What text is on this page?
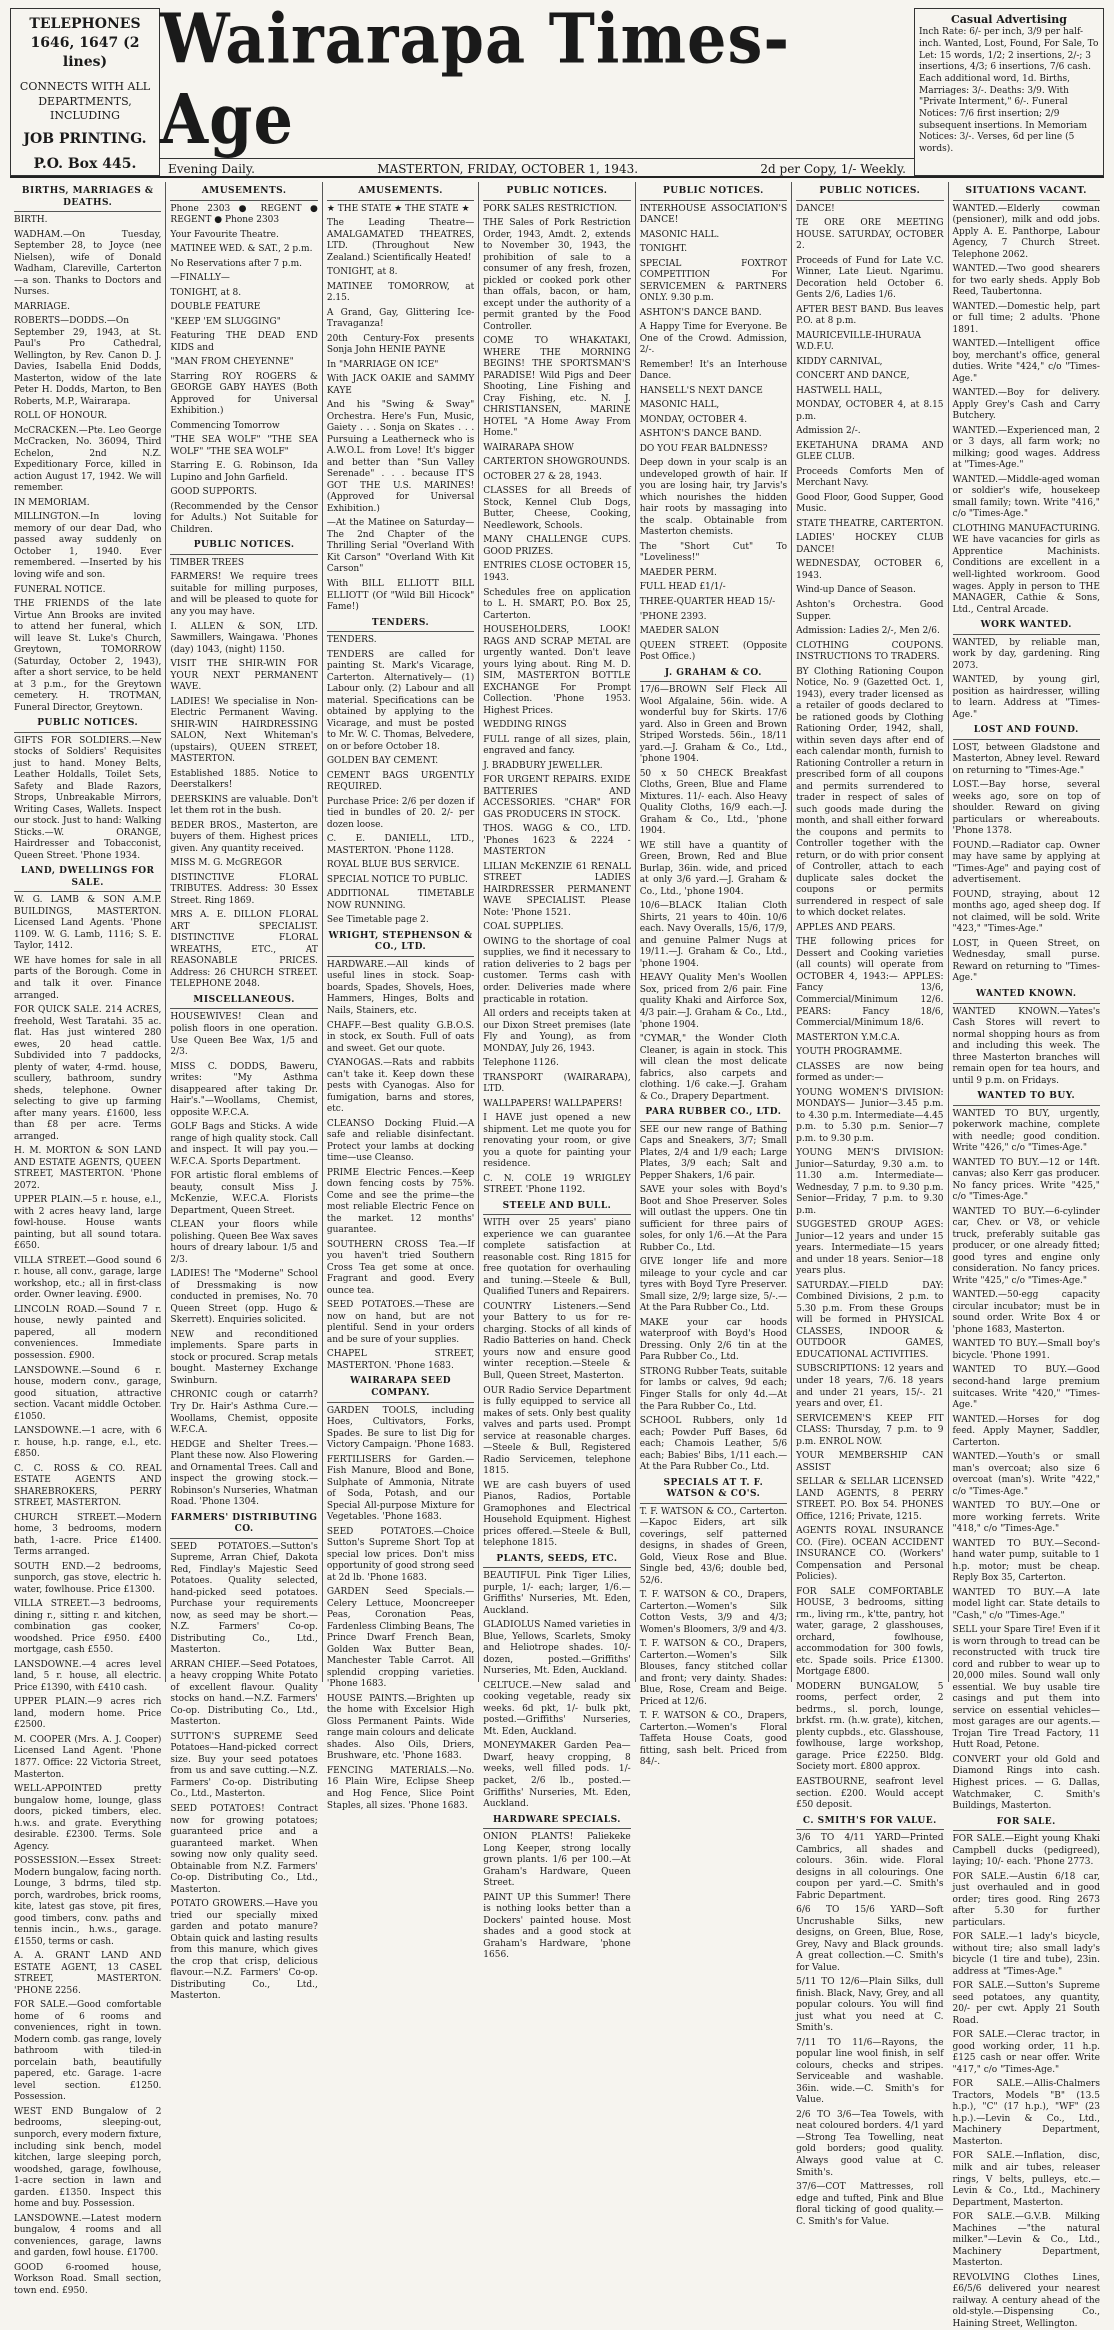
TELEPHONES
1646, 1647 (2 lines)
CONNECTS WITH ALL DEPARTMENTS, INCLUDING
JOB PRINTING.
P.O. Box 445.
Wairarapa Times-Age
Evening Daily.	MASTERTON, FRIDAY, OCTOBER 1, 1943.	2d per Copy, 1/- Weekly.
Casual Advertising
Inch Rate: 6/- per inch, 3/9 per half-inch. Wanted, Lost, Found, For Sale, To Let: 15 words, 1/2; 2 insertions, 2/-; 3 insertions, 4/3; 6 insertions, 7/6 cash. Each additional word, 1d. Births, Marriages: 3/-. Deaths: 3/9. With "Private Interment," 6/-. Funeral Notices: 7/6 first insertion; 2/9 subsequent insertions. In Memoriam Notices: 3/-. Verses, 6d per line (5 words).
BIRTHS, MARRIAGES & DEATHS.

BIRTH.

WADHAM.—On Tuesday, September 28, to Joyce (nee Nielsen), wife of Donald Wadham, Clareville, Carterton—a son. Thanks to Doctors and Nurses.

MARRIAGE.

ROBERTS—DODDS.—On September 29, 1943, at St. Paul's Pro Cathedral, Wellington, by Rev. Canon D. J. Davies, Isabella Enid Dodds, Masterton, widow of the late Peter H. Dodds, Marton, to Ben Roberts, M.P., Wairarapa.

ROLL OF HONOUR.

McCRACKEN.—Pte. Leo George McCracken, No. 36094, Third Echelon, 2nd N.Z. Expeditionary Force, killed in action August 17, 1942. We will remember.

IN MEMORIAM.

MILLINGTON.—In loving memory of our dear Dad, who passed away suddenly on October 1, 1940. Ever remembered. —Inserted by his loving wife and son.

FUNERAL NOTICE.

THE FRIENDS of the late Virtue Ann Brooks are invited to attend her funeral, which will leave St. Luke's Church, Greytown, TOMORROW (Saturday, October 2, 1943), after a short service, to be held at 3 p.m., for the Greytown cemetery. H. TROTMAN, Funeral Director, Greytown.

PUBLIC NOTICES.

GIFTS FOR SOLDIERS.—New stocks of Soldiers' Requisites just to hand. Money Belts, Leather Holdalls, Toilet Sets, Safety and Blade Razors, Strops, Unbreakable Mirrors, Writing Cases, Wallets. Inspect our stock. Just to hand: Walking Sticks.—W. ORANGE, Hairdresser and Tobacconist, Queen Street. 'Phone 1934.

LAND, DWELLINGS FOR SALE.

W. G. LAMB & SON A.M.P. BUILDINGS, MASTERTON. Licensed Land Agents. 'Phone 1109. W. G. Lamb, 1116; S. E. Taylor, 1412.

WE have homes for sale in all parts of the Borough. Come in and talk it over. Finance arranged.

FOR QUICK SALE. 214 ACRES, freehold, West Taratahi. 35 ac. flat. Has just wintered 280 ewes, 20 head cattle. Subdivided into 7 paddocks, plenty of water, 4-rmd. house, scullery, bathroom, sundry sheds, telephone. Owner selecting to give up farming after many years. £1600, less than £8 per acre. Terms arranged.

H. M. MORTON & SON LAND AND ESTATE AGENTS, QUEEN STREET, MASTERTON. 'Phone 2072.

UPPER PLAIN.—5 r. house, e.l., with 2 acres heavy land, large fowl-house. House wants painting, but all sound totara. £650.

VILLA STREET.—Good sound 6 r. house, all conv., garage, large workshop, etc.; all in first-class order. Owner leaving. £900.

LINCOLN ROAD.—Sound 7 r. house, newly painted and papered, all modern conveniences. Immediate possession. £900.

LANSDOWNE.—Sound 6 r. house, modern conv., garage, good situation, attractive section. Vacant middle October. £1050.

LANSDOWNE.—1 acre, with 6 r. house, h.p. range, e.l., etc. £850.

C. C. ROSS & CO. REAL ESTATE AGENTS AND SHAREBROKERS, PERRY STREET, MASTERTON.

CHURCH STREET.—Modern home, 3 bedrooms, modern bath, 1-acre. Price £1400. Terms arranged.

SOUTH END.—2 bedrooms, sunporch, gas stove, electric h. water, fowlhouse. Price £1300.

VILLA STREET.—3 bedrooms, dining r., sitting r. and kitchen, combination gas cooker, woodshed. Price £950. £400 mortgage, cash £550.

LANSDOWNE.—4 acres level land, 5 r. house, all electric. Price £1390, with £410 cash.

UPPER PLAIN.—9 acres rich land, modern home. Price £2500.

M. COOPER (Mrs. A. J. Cooper) Licensed Land Agent. 'Phone 1877. Office: 22 Victoria Street, Masterton.

WELL-APPOINTED pretty bungalow home, lounge, glass doors, picked timbers, elec. h.w.s. and grate. Everything desirable. £2300. Terms. Sole Agency.

POSSESSION.—Essex Street: Modern bungalow, facing north. Lounge, 3 bdrms, tiled stp. porch, wardrobes, brick rooms, kite, latest gas stove, pit fires, good timbers, conv. paths and tennis incin., h.w.s., garage. £1550, terms or cash.

A. A. GRANT LAND AND ESTATE AGENT, 13 CASEL STREET, MASTERTON. 'PHONE 2256.

FOR SALE.—Good comfortable home of 6 rooms and conveniences, right in town. Modern comb. gas range, lovely bathroom with tiled-in porcelain bath, beautifully papered, etc. Garage. 1-acre level section. £1250. Possession.

WEST END Bungalow of 2 bedrooms, sleeping-out, sunporch, every modern fixture, including sink bench, model kitchen, large sleeping porch, woodshed, garage, fowlhouse, 1-acre section in lawn and garden. £1350. Inspect this home and buy. Possession.

LANSDOWNE.—Latest modern bungalow, 4 rooms and all conveniences, garage, lawns and garden, fowl house. £1700.

GOOD 6-roomed house, Workson Road. Small section, town end. £950.

AMUSEMENTS.

Phone 2303 ● REGENT ● REGENT ● Phone 2303

Your Favourite Theatre.

MATINEE WED. & SAT., 2 p.m.

No Reservations after 7 p.m.

—FINALLY—

TONIGHT, at 8.

DOUBLE FEATURE

"KEEP 'EM SLUGGING"

Featuring THE DEAD END KIDS and

"MAN FROM CHEYENNE"

Starring ROY ROGERS & GEORGE GABY HAYES (Both Approved for Universal Exhibition.)

Commencing Tomorrow

"THE SEA WOLF" "THE SEA WOLF" "THE SEA WOLF"

Starring E. G. Robinson, Ida Lupino and John Garfield.

GOOD SUPPORTS.

(Recommended by the Censor for Adults.) Not Suitable for Children.

PUBLIC NOTICES.

TIMBER TREES

FARMERS! We require trees suitable for milling purposes, and will be pleased to quote for any you may have.

I. ALLEN & SON, LTD. Sawmillers, Waingawa. 'Phones (day) 1043, (night) 1150.

VISIT THE SHIR-WIN FOR YOUR NEXT PERMANENT WAVE.

LADIES! We specialise in Non-Electric Permanent Waving. SHIR-WIN HAIRDRESSING SALON, Next Whiteman's (upstairs), QUEEN STREET, MASTERTON.

Established 1885. Notice to Deerstalkers!

DEERSKINS are valuable. Don't let them rot in the bush.

BEDER BROS., Masterton, are buyers of them. Highest prices given. Any quantity received.

MISS M. G. McGREGOR

DISTINCTIVE FLORAL TRIBUTES. Address: 30 Essex Street. Ring 1869.

MRS A. E. DILLON FLORAL ART SPECIALIST. DISTINCTIVE FLORAL WREATHS, ETC., AT REASONABLE PRICES. Address: 26 CHURCH STREET. TELEPHONE 2048.

MISCELLANEOUS.

HOUSEWIVES! Clean and polish floors in one operation. Use Queen Bee Wax, 1/5 and 2/3.

MISS C. DODDS, Baweru, writes: "My Asthma disappeared after taking Dr. Hair's."—Woollams, Chemist, opposite W.F.C.A.

GOLF Bags and Sticks. A wide range of high quality stock. Call and inspect. It will pay you.—W.F.C.A. Sports Department.

FOR artistic floral emblems of beauty, consult Miss J. McKenzie, W.F.C.A. Florists Department, Queen Street.

CLEAN your floors while polishing. Queen Bee Wax saves hours of dreary labour. 1/5 and 2/3.

LADIES! The "Moderne" School of Dressmaking is now conducted in premises, No. 70 Queen Street (opp. Hugo & Skerrett). Enquiries solicited.

NEW and reconditioned implements. Spare parts in stock or procured. Scrap metals bought. Masterney Exchange Swinburn.

CHRONIC cough or catarrh? Try Dr. Hair's Asthma Cure.—Woollams, Chemist, opposite W.F.C.A.

HEDGE and Shelter Trees.—Plant these now. Also Flowering and Ornamental Trees. Call and inspect the growing stock.—Robinson's Nurseries, Whatman Road. 'Phone 1304.

FARMERS' DISTRIBUTING CO.

SEED POTATOES.—Sutton's Supreme, Arran Chief, Dakota Red, Findlay's Majestic Seed Potatoes. Quality selected, hand-picked seed potatoes. Purchase your requirements now, as seed may be short.—N.Z. Farmers' Co-op. Distributing Co., Ltd., Masterton.

ARRAN CHIEF.—Seed Potatoes, a heavy cropping White Potato of excellent flavour. Quality stocks on hand.—N.Z. Farmers' Co-op. Distributing Co., Ltd., Masterton.

SUTTON'S SUPREME Seed Potatoes—Hand-picked correct size. Buy your seed potatoes from us and save cutting.—N.Z. Farmers' Co-op. Distributing Co., Ltd., Masterton.

SEED POTATOES! Contract now for growing potatoes; guaranteed price and a guaranteed market. When sowing now only quality seed. Obtainable from N.Z. Farmers' Co-op. Distributing Co., Ltd., Masterton.

POTATO GROWERS.—Have you tried our specially mixed garden and potato manure? Obtain quick and lasting results from this manure, which gives the crop that crisp, delicious flavour.—N.Z. Farmers' Co-op. Distributing Co., Ltd., Masterton.

AMUSEMENTS.

★ THE STATE ★ THE STATE ★

The Leading Theatre— AMALGAMATED THEATRES, LTD. (Throughout New Zealand.) Scientifically Heated!

TONIGHT, at 8.

MATINEE TOMORROW, at 2.15.

A Grand, Gay, Glittering Ice-Travaganza!

20th Century-Fox presents Sonja John HENIE PAYNE

In "MARRIAGE ON ICE"

With JACK OAKIE and SAMMY KAYE

And his "Swing & Sway" Orchestra. Here's Fun, Music, Gaiety . . . Sonja on Skates . . . Pursuing a Leatherneck who is A.W.O.L. from Love! It's bigger and better than "Sun Valley Serenade" . . . because IT'S GOT THE U.S. MARINES! (Approved for Universal Exhibition.)

—At the Matinee on Saturday— The 2nd Chapter of the Thrilling Serial "Overland With Kit Carson" "Overland With Kit Carson"

With BILL ELLIOTT BILL ELLIOTT (Of "Wild Bill Hicock" Fame!)

TENDERS.

TENDERS.

TENDERS are called for painting St. Mark's Vicarage, Carterton. Alternatively— (1) Labour only. (2) Labour and all material. Specifications can be obtained by applying to the Vicarage, and must be posted to Mr. W. C. Thomas, Belvedere, on or before October 18.

GOLDEN BAY CEMENT.

CEMENT BAGS URGENTLY REQUIRED.

Purchase Price: 2/6 per dozen if tied in bundles of 20. 2/- per dozen loose.

C. E. DANIELL, LTD., MASTERTON. 'Phone 1128.

ROYAL BLUE BUS SERVICE.

SPECIAL NOTICE TO PUBLIC.

ADDITIONAL TIMETABLE NOW RUNNING.

See Timetable page 2.

WRIGHT, STEPHENSON & CO., LTD.

HARDWARE.—All kinds of useful lines in stock. Soap-boards, Spades, Shovels, Hoes, Hammers, Hinges, Bolts and Nails, Stainers, etc.

CHAFF.—Best quality G.B.O.S. in stock, ex South. Full of oats and sweet. Get our quote.

CYANOGAS.—Rats and rabbits can't take it. Keep down these pests with Cyanogas. Also for fumigation, barns and stores, etc.

CLEANSO Docking Fluid.—A safe and reliable disinfectant. Protect your lambs at docking time—use Cleanso.

PRIME Electric Fences.—Keep down fencing costs by 75%. Come and see the prime—the most reliable Electric Fence on the market. 12 months' guarantee.

SOUTHERN CROSS Tea.—If you haven't tried Southern Cross Tea get some at once. Fragrant and good. Every ounce tea.

SEED POTATOES.—These are now on hand, but are not plentiful. Send in your orders and be sure of your supplies.

CHAPEL STREET, MASTERTON. 'Phone 1683.

WAIRARAPA SEED COMPANY.

GARDEN TOOLS, including Hoes, Cultivators, Forks, Spades. Be sure to list Dig for Victory Campaign. 'Phone 1683.

FERTILISERS for Garden.—Fish Manure, Blood and Bone, Sulphate of Ammonia, Nitrate of Soda, Potash, and our Special All-purpose Mixture for Vegetables. 'Phone 1683.

SEED POTATOES.—Choice Sutton's Supreme Short Top at special low prices. Don't miss opportunity of good strong seed at 2d lb. 'Phone 1683.

GARDEN Seed Specials.—Celery Lettuce, Mooncreeper Peas, Coronation Peas, Fardenless Climbing Beans, The Prince Dwarf French Bean, Golden Wax Butter Bean, Manchester Table Carrot. All splendid cropping varieties. 'Phone 1683.

HOUSE PAINTS.—Brighten up the home with Excelsior High Gloss Permanent Paints. Wide range main colours and delicate shades. Also Oils, Driers, Brushware, etc. 'Phone 1683.

FENCING MATERIALS.—No. 16 Plain Wire, Eclipse Sheep and Hog Fence, Slice Point Staples, all sizes. 'Phone 1683.

PUBLIC NOTICES.

PORK SALES RESTRICTION.

THE Sales of Pork Restriction Order, 1943, Amdt. 2, extends to November 30, 1943, the prohibition of sale to a consumer of any fresh, frozen, pickled or cooked pork other than offals, bacon, or ham, except under the authority of a permit granted by the Food Controller.

COME TO WHAKATAKI, WHERE THE MORNING BEGINS! THE SPORTSMAN'S PARADISE! Wild Pigs and Deer Shooting, Line Fishing and Cray Fishing, etc. N. J. CHRISTIANSEN, MARINE HOTEL "A Home Away From Home."

WAIRARAPA SHOW

CARTERTON SHOWGROUNDS.

OCTOBER 27 & 28, 1943.

CLASSES for all Breeds of Stock, Kennel Club Dogs, Butter, Cheese, Cooking, Needlework, Schools.

MANY CHALLENGE CUPS. GOOD PRIZES.

ENTRIES CLOSE OCTOBER 15, 1943.

Schedules free on application to L. H. SMART, P.O. Box 25, Carterton.

HOUSEHOLDERS, LOOK! RAGS AND SCRAP METAL are urgently wanted. Don't leave yours lying about. Ring M. D. SIM, MASTERTON BOTTLE EXCHANGE For Prompt Collection. 'Phone 1953. Highest Prices.

WEDDING RINGS

FULL range of all sizes, plain, engraved and fancy.

J. BRADBURY JEWELLER.

FOR URGENT REPAIRS. EXIDE BATTERIES AND ACCESSORIES. "CHAR" FOR GAS PRODUCERS IN STOCK.

THOS. WAGG & CO., LTD. 'Phones 1623 & 2224 - MASTERTON

LILIAN McKENZIE 61 RENALL STREET LADIES HAIRDRESSER PERMANENT WAVE SPECIALIST. Please Note: 'Phone 1521.

COAL SUPPLIES.

OWING to the shortage of coal supplies, we find it necessary to ration deliveries to 2 bags per customer. Terms cash with order. Deliveries made where practicable in rotation.

All orders and receipts taken at our Dixon Street premises (late Fly and Young), as from MONDAY, July 26, 1943.

Telephone 1126.

TRANSPORT (WAIRARAPA), LTD.

WALLPAPERS! WALLPAPERS!

I HAVE just opened a new shipment. Let me quote you for renovating your room, or give you a quote for painting your residence.

C. N. COLE 19 WRIGLEY STREET. 'Phone 1192.

STEELE AND BULL.

WITH over 25 years' piano experience we can guarantee complete satisfaction at reasonable cost. Ring 1815 for free quotation for overhauling and tuning.—Steele & Bull, Qualified Tuners and Repairers.

COUNTRY Listeners.—Send your Battery to us for re-charging. Stocks of all kinds of Radio Batteries on hand. Check yours now and ensure good winter reception.—Steele & Bull, Queen Street, Masterton.

OUR Radio Service Department is fully equipped to service all makes of sets. Only best quality valves and parts used. Prompt service at reasonable charges.—Steele & Bull, Registered Radio Servicemen, telephone 1815.

WE are cash buyers of used Pianos, Radios, Portable Gramophones and Electrical Household Equipment. Highest prices offered.—Steele & Bull, telephone 1815.

PLANTS, SEEDS, ETC.

BEAUTIFUL Pink Tiger Lilies, purple, 1/- each; larger, 1/6.—Griffiths' Nurseries, Mt. Eden, Auckland.

GLADIOLUS Named varieties in Blue, Yellows, Scarlets, Smoky and Heliotrope shades. 10/- dozen, posted.—Griffiths' Nurseries, Mt. Eden, Auckland.

CELTUCE.—New salad and cooking vegetable, ready six weeks. 6d pkt, 1/- bulk pkt, posted.—Griffiths' Nurseries, Mt. Eden, Auckland.

MONEYMAKER Garden Pea—Dwarf, heavy cropping, 8 weeks, well filled pods. 1/- packet, 2/6 lb., posted.—Griffiths' Nurseries, Mt. Eden, Auckland.

HARDWARE SPECIALS.

ONION PLANTS! Paliekeke Long Keeper, strong locally grown plants. 1/6 per 100.—At Graham's Hardware, Queen Street.

PAINT UP this Summer! There is nothing looks better than a Dockers' painted house. Most shades and a good stock at Graham's Hardware, 'phone 1656.

PUBLIC NOTICES.

INTERHOUSE ASSOCIATION'S DANCE!

MASONIC HALL.

TONIGHT.

SPECIAL FOXTROT COMPETITION For SERVICEMEN & PARTNERS ONLY. 9.30 p.m.

ASHTON'S DANCE BAND.

A Happy Time for Everyone. Be One of the Crowd. Admission, 2/-.

Remember! It's an Interhouse Dance.

HANSELL'S NEXT DANCE

MASONIC HALL,

MONDAY, OCTOBER 4.

ASHTON'S DANCE BAND.

DO YOU FEAR BALDNESS?

Deep down in your scalp is an undeveloped growth of hair. If you are losing hair, try Jarvis's which nourishes the hidden hair roots by massaging into the scalp. Obtainable from Masterton chemists.

The "Short Cut" To "Loveliness!"

MAEDER PERM.

FULL HEAD £1/1/-

THREE-QUARTER HEAD 15/-

'PHONE 2393.

MAEDER SALON

QUEEN STREET. (Opposite Post Office.)

J. GRAHAM & CO.

17/6—BROWN Self Fleck All Wool Afgalaine, 56in. wide. A wonderful buy for Skirts. 17/6 yard. Also in Green and Brown Striped Worsteds. 56in., 18/11 yard.—J. Graham & Co., Ltd., 'phone 1904.

50 x 50 CHECK Breakfast Cloths, Green, Blue and Flame Mixtures. 11/- each. Also Heavy Quality Cloths, 16/9 each.—J. Graham & Co., Ltd., 'phone 1904.

WE still have a quantity of Green, Brown, Red and Blue Burlap, 36in. wide, and priced at only 3/6 yard.—J. Graham & Co., Ltd., 'phone 1904.

10/6—BLACK Italian Cloth Shirts, 21 years to 40in. 10/6 each. Navy Overalls, 15/6, 17/9, and genuine Palmer Nugs at 19/11.—J. Graham & Co., Ltd., 'phone 1904.

HEAVY Quality Men's Woollen Sox, priced from 2/6 pair. Fine quality Khaki and Airforce Sox, 4/3 pair.—J. Graham & Co., Ltd., 'phone 1904.

"CYMAR," the Wonder Cloth Cleaner, is again in stock. This will clean the most delicate fabrics, also carpets and clothing. 1/6 cake.—J. Graham & Co., Drapery Department.

PARA RUBBER CO., LTD.

SEE our new range of Bathing Caps and Sneakers, 3/7; Small Plates, 2/4 and 1/9 each; Large Plates, 3/9 each; Salt and Pepper Shakers, 1/6 pair.

SAVE your soles with Boyd's Boot and Shoe Preserver. Soles will outlast the uppers. One tin sufficient for three pairs of soles, for only 1/6.—At the Para Rubber Co., Ltd.

GIVE longer life and more mileage to your cycle and car tyres with Boyd Tyre Preserver. Small size, 2/9; large size, 5/-.—At the Para Rubber Co., Ltd.

MAKE your car hoods waterproof with Boyd's Hood Dressing. Only 2/6 tin at the Para Rubber Co., Ltd.

STRONG Rubber Teats, suitable for lambs or calves, 9d each; Finger Stalls for only 4d.—At the Para Rubber Co., Ltd.

SCHOOL Rubbers, only 1d each; Powder Puff Bases, 6d each; Chamois Leather, 5/6 each; Babies' Bibs, 1/11 each.—At the Para Rubber Co., Ltd.

SPECIALS AT T. F. WATSON & CO'S.

T. F. WATSON & CO., Carterton.—Kapoc Eiders, art silk coverings, self patterned designs, in shades of Green, Gold, Vieux Rose and Blue. Single bed, 43/6; double bed, 52/6.

T. F. WATSON & CO., Drapers, Carterton.—Women's Silk Cotton Vests, 3/9 and 4/3; Women's Bloomers, 3/9 and 4/3.

T. F. WATSON & CO., Drapers, Carterton.—Women's Silk Blouses, fancy stitched collar and front; very dainty. Shades: Blue, Rose, Cream and Beige. Priced at 12/6.

T. F. WATSON & CO., Drapers, Carterton.—Women's Floral Taffeta House Coats, good fitting, sash belt. Priced from 84/-.

PUBLIC NOTICES.

DANCE!

TE ORE ORE MEETING HOUSE. SATURDAY, OCTOBER 2.

Proceeds of Fund for Late V.C. Winner, Late Lieut. Ngarimu. Decoration held October 6. Gents 2/6, Ladies 1/6.

AFTER BEST BAND. Bus leaves P.O. at 8 p.m.

MAURICEVILLE-IHURAUA W.D.F.U.

KIDDY CARNIVAL,

CONCERT AND DANCE,

HASTWELL HALL,

MONDAY, OCTOBER 4, at 8.15 p.m.

Admission 2/-.

EKETAHUNA DRAMA AND GLEE CLUB.

Proceeds Comforts Men of Merchant Navy.

Good Floor, Good Supper, Good Music.

STATE THEATRE, CARTERTON.

LADIES' HOCKEY CLUB DANCE!

WEDNESDAY, OCTOBER 6, 1943.

Wind-up Dance of Season.

Ashton's Orchestra. Good Supper.

Admission: Ladies 2/-, Men 2/6.

CLOTHING COUPONS. INSTRUCTIONS TO TRADERS.

BY Clothing Rationing Coupon Notice, No. 9 (Gazetted Oct. 1, 1943), every trader licensed as a retailer of goods declared to be rationed goods by Clothing Rationing Order, 1942, shall, within seven days after end of each calendar month, furnish to Rationing Controller a return in prescribed form of all coupons and permits surrendered to trader in respect of sales of such goods made during the month, and shall either forward the coupons and permits to Controller together with the return, or do with prior consent of Controller, attach to each duplicate sales docket the coupons or permits surrendered in respect of sale to which docket relates.

APPLES AND PEARS.

THE following prices for Dessert and Cooking varieties (all counts) will operate from OCTOBER 4, 1943:— APPLES: Fancy 13/6, Commercial/Minimum 12/6. PEARS: Fancy 18/6, Commercial/Minimum 18/6.

MASTERTON Y.M.C.A.

YOUTH PROGRAMME.

CLASSES are now being formed as under:—

YOUNG WOMEN'S DIVISION: MONDAYS— Junior—3.45 p.m. to 4.30 p.m. Intermediate—4.45 p.m. to 5.30 p.m. Senior—7 p.m. to 9.30 p.m.

YOUNG MEN'S DIVISION: Junior—Saturday, 9.30 a.m. to 11.30 a.m. Intermediate—Wednesday, 7 p.m. to 9.30 p.m. Senior—Friday, 7 p.m. to 9.30 p.m.

SUGGESTED GROUP AGES: Junior—12 years and under 15 years. Intermediate—15 years and under 18 years. Senior—18 years plus.

SATURDAY.—FIELD DAY: Combined Divisions, 2 p.m. to 5.30 p.m. From these Groups will be formed in PHYSICAL CLASSES, INDOOR & OUTDOOR GAMES, EDUCATIONAL ACTIVITIES.

SUBSCRIPTIONS: 12 years and under 18 years, 7/6. 18 years and under 21 years, 15/-. 21 years and over, £1.

SERVICEMEN'S KEEP FIT CLASS: Thursday, 7 p.m. to 9 p.m. ENROL NOW.

YOUR MEMBERSHIP CAN ASSIST

SELLAR & SELLAR LICENSED LAND AGENTS, 8 PERRY STREET. P.O. Box 54. PHONES Office, 1216; Private, 1215.

AGENTS ROYAL INSURANCE CO. (Fire). OCEAN ACCIDENT INSURANCE CO. (Workers' Compensation and Personal Policies).

FOR SALE COMFORTABLE HOUSE, 3 bedrooms, sitting rm., living rm., k'tte, pantry, hot water, garage, 2 glasshouses, orchard, fowlhouse, accommodation for 300 fowls, etc. Spade soils. Price £1300. Mortgage £800.

MODERN BUNGALOW, 5 rooms, perfect order, 2 bedrms., sl. porch, lounge, brkfst. rm. (h.w. grate), kitchen, plenty cupbds., etc. Glasshouse, fowlhouse, large workshop, garage. Price £2250. Bldg. Society mort. £800 approx.

EASTBOURNE, seafront level section. £200. Would accept £50 deposit.

C. SMITH'S FOR VALUE.

3/6 TO 4/11 YARD—Printed Cambrics, all shades and colours. 36in. wide. Floral designs in all colourings. One coupon per yard.—C. Smith's Fabric Department.

6/6 TO 15/6 YARD—Soft Uncrushable Silks, new designs, on Green, Blue, Rose, Grey, Navy and Black grounds. A great collection.—C. Smith's for Value.

5/11 TO 12/6—Plain Silks, dull finish. Black, Navy, Grey, and all popular colours. You will find just what you need at C. Smith's.

7/11 TO 11/6—Rayons, the popular line wool finish, in self colours, checks and stripes. Serviceable and washable. 36in. wide.—C. Smith's for Value.

2/6 TO 3/6—Tea Towels, with neat coloured borders. 4/1 yard—Strong Tea Towelling, neat gold borders; good quality. Always good value at C. Smith's.

37/6—COT Mattresses, roll edge and tufted, Pink and Blue floral ticking of good quality.—C. Smith's for Value.

SITUATIONS VACANT.

WANTED.—Elderly cowman (pensioner), milk and odd jobs. Apply A. E. Panthorpe, Labour Agency, 7 Church Street. Telephone 2062.

WANTED.—Two good shearers for two early sheds. Apply Bob Reed, Taubertonna.

WANTED.—Domestic help, part or full time; 2 adults. 'Phone 1891.

WANTED.—Intelligent office boy, merchant's office, general duties. Write "424," c/o "Times-Age."

WANTED.—Boy for delivery. Apply Grey's Cash and Carry Butchery.

WANTED.—Experienced man, 2 or 3 days, all farm work; no milking; good wages. Address at "Times-Age."

WANTED.—Middle-aged woman or soldier's wife, housekeep small family; town. Write "416," c/o "Times-Age."

CLOTHING MANUFACTURING. WE have vacancies for girls as Apprentice Machinists. Conditions are excellent in a well-lighted workroom. Good wages. Apply in person to THE MANAGER, Cathie & Sons, Ltd., Central Arcade.

WORK WANTED.

WANTED, by reliable man, work by day, gardening. Ring 2073.

WANTED, by young girl, position as hairdresser, willing to learn. Address at "Times-Age."

LOST AND FOUND.

LOST, between Gladstone and Masterton, Abney level. Reward on returning to "Times-Age."

LOST.—Bay horse, several weeks ago, sore on top of shoulder. Reward on giving particulars or whereabouts. 'Phone 1378.

FOUND.—Radiator cap. Owner may have same by applying at "Times-Age" and paying cost of advertisement.

FOUND, straying, about 12 months ago, aged sheep dog. If not claimed, will be sold. Write "423," "Times-Age."

LOST, in Queen Street, on Wednesday, small purse. Reward on returning to "Times-Age."

WANTED KNOWN.

WANTED KNOWN.—Yates's Cash Stores will revert to normal shopping hours as from and including this week. The three Masterton branches will remain open for tea hours, and until 9 p.m. on Fridays.

WANTED TO BUY.

WANTED TO BUY, urgently, pokerwork machine, complete with needle; good condition. Write "426," c/o "Times-Age."

WANTED TO BUY.—12 or 14ft. canvas; also Kerr gas producer. No fancy prices. Write "425," c/o "Times-Age."

WANTED TO BUY.—6-cylinder car, Chev. or V8, or vehicle truck, preferably suitable gas producer, or one already fitted; good tyres and engine only consideration. No fancy prices. Write "425," c/o "Times-Age."

WANTED.—50-egg capacity circular incubator; must be in sound order. Write Box 4 or 'phone 1683, Masterton.

WANTED TO BUY.—Small boy's bicycle. 'Phone 1991.

WANTED TO BUY.—Good second-hand large premium suitcases. Write "420," "Times-Age."

WANTED.—Horses for dog feed. Apply Mayner, Saddler, Carterton.

WANTED.—Youth's or small man's overcoat; also size 6 overcoat (man's). Write "422," c/o "Times-Age."

WANTED TO BUY.—One or more working ferrets. Write "418," c/o "Times-Age."

WANTED TO BUY.—Second-hand water pump, suitable to 1 h.p. motor; must be cheap. Reply Box 35, Carterton.

WANTED TO BUY.—A late model light car. State details to "Cash," c/o "Times-Age."

SELL your Spare Tire! Even if it is worn through to tread can be reconstructed with truck tire cord and rubber to wear up to 20,000 miles. Sound wall only essential. We buy usable tire casings and put them into service on essential vehicles—most garages are our agents.—Trojan Tire Tread Factory, 11 Hutt Road, Petone.

CONVERT your old Gold and Diamond Rings into cash. Highest prices. — G. Dallas, Watchmaker, C. Smith's Buildings, Masterton.

FOR SALE.

FOR SALE.—Eight young Khaki Campbell ducks (pedigreed), laying; 10/- each. 'Phone 2773.

FOR SALE.—Austin 6/18 car, just overhauled and in good order; tires good. Ring 2673 after 5.30 for further particulars.

FOR SALE.—1 lady's bicycle, without tire; also small lady's bicycle (1 tire and tube), 23in. address at "Times-Age."

FOR SALE.—Sutton's Supreme seed potatoes, any quantity, 20/- per cwt. Apply 21 South Road.

FOR SALE.—Clerac tractor, in good working order, 11 h.p. £125 cash or near offer. Write "417," c/o "Times-Age."

FOR SALE.—Allis-Chalmers Tractors, Models "B" (13.5 h.p.), "C" (17 h.p.), "WF" (23 h.p.).—Levin & Co., Ltd., Machinery Department, Masterton.

FOR SALE.—Inflation, disc, milk and air tubes, releaser rings, V belts, pulleys, etc.—Levin & Co., Ltd., Machinery Department, Masterton.

FOR SALE.—G.V.B. Milking Machines —"the natural milker."—Levin & Co., Ltd., Machinery Department, Masterton.

REVOLVING Clothes Lines, £6/5/6 delivered your nearest railway. A century ahead of the old-style.—Dispensing Co., Haining Street, Wellington.
